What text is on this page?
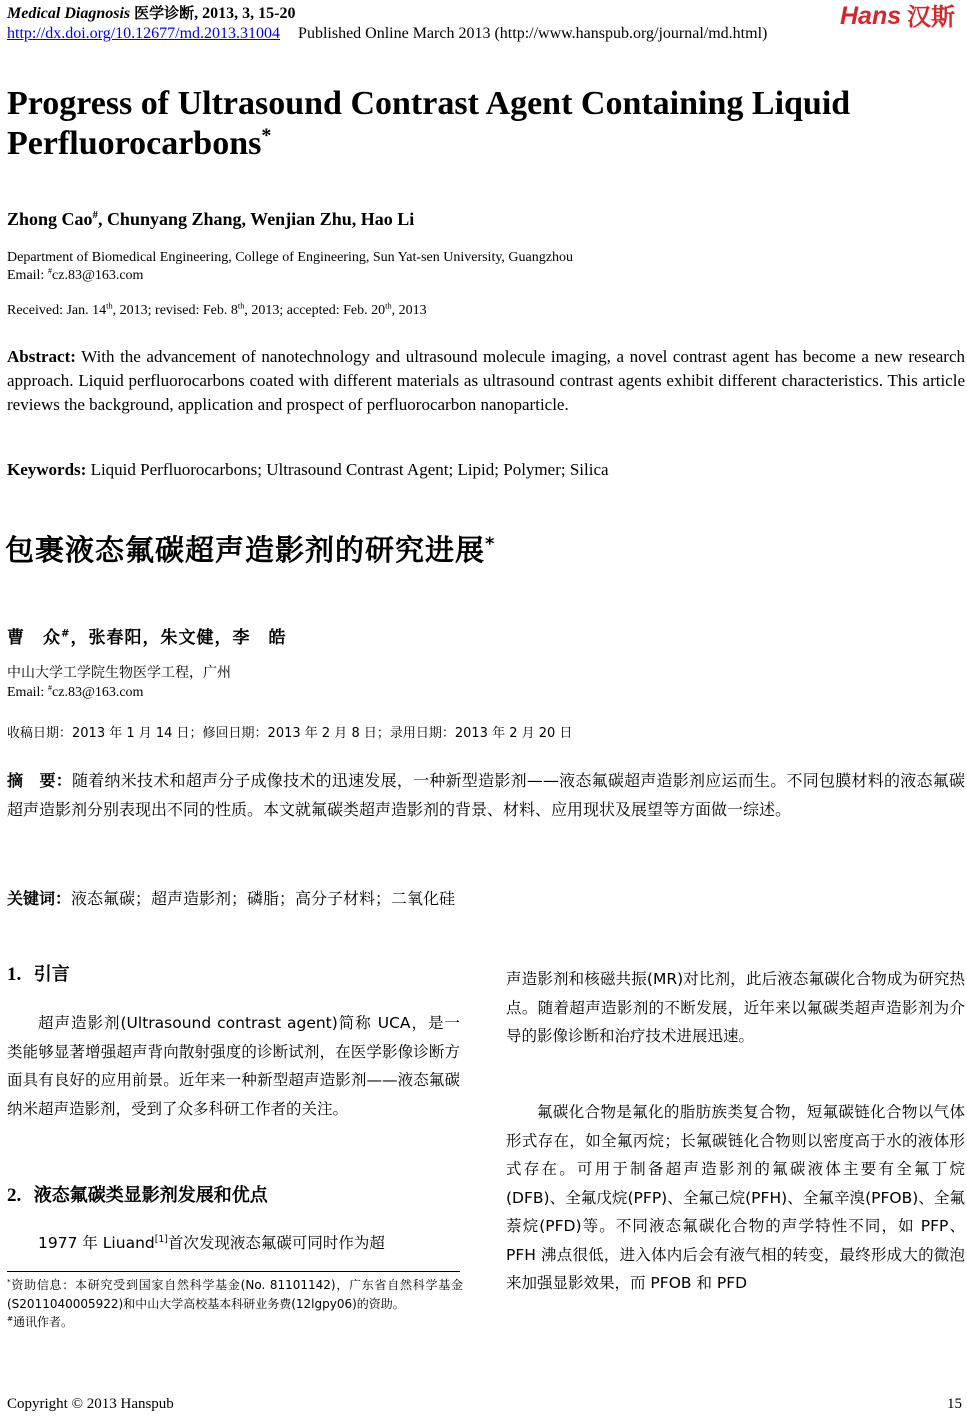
Medical Diagnosis 医学诊断, 2013, 3, 15-20
http://dx.doi.org/10.12677/md.2013.31004 Published Online March 2013 (http://www.hanspub.org/journal/md.html)
Hans 汉斯
Progress of Ultrasound Contrast Agent Containing Liquid Perfluorocarbons*
Zhong Cao#, Chunyang Zhang, Wenjian Zhu, Hao Li
Department of Biomedical Engineering, College of Engineering, Sun Yat-sen University, Guangzhou
Email: #cz.83@163.com
Received: Jan. 14th, 2013; revised: Feb. 8th, 2013; accepted: Feb. 20th, 2013
Abstract: With the advancement of nanotechnology and ultrasound molecule imaging, a novel contrast agent has become a new research approach. Liquid perfluorocarbons coated with different materials as ultrasound contrast agents exhibit different characteristics. This article reviews the background, application and prospect of perfluorocarbon nanoparticle.
Keywords: Liquid Perfluorocarbons; Ultrasound Contrast Agent; Lipid; Polymer; Silica
包裹液态氟碳超声造影剂的研究进展*
曹　众#，张春阳，朱文健，李　皓
中山大学工学院生物医学工程，广州
Email: #cz.83@163.com
收稿日期：2013 年 1 月 14 日；修回日期：2013 年 2 月 8 日；录用日期：2013 年 2 月 20 日
摘　要：随着纳米技术和超声分子成像技术的迅速发展，一种新型造影剂——液态氟碳超声造影剂应运而生。不同包膜材料的液态氟碳超声造影剂分别表现出不同的性质。本文就氟碳类超声造影剂的背景、材料、应用现状及展望等方面做一综述。
关键词：液态氟碳；超声造影剂；磷脂；高分子材料；二氧化硅
1. 引言
超声造影剂(Ultrasound contrast agent)简称 UCA，是一类能够显著增强超声背向散射强度的诊断试剂，在医学影像诊断方面具有良好的应用前景。近年来一种新型超声造影剂——液态氟碳纳米超声造影剂，受到了众多科研工作者的关注。
2. 液态氟碳类显影剂发展和优点
1977 年 Liuand[1]首次发现液态氟碳可同时作为超
*资助信息：本研究受到国家自然科学基金(No. 81101142)，广东省自然科学基金(S2011040005922)和中山大学高校基本科研业务费(12lgpy06)的资助。
#通讯作者。
声造影剂和核磁共振(MR)对比剂，此后液态氟碳化合物成为研究热点。随着超声造影剂的不断发展，近年来以氟碳类超声造影剂为介导的影像诊断和治疗技术进展迅速。
氟碳化合物是氟化的脂肪族类复合物，短氟碳链化合物以气体形式存在，如全氟丙烷；长氟碳链化合物则以密度高于水的液体形式存在。可用于制备超声造影剂的氟碳液体主要有全氟丁烷(DFB)、全氟戊烷(PFP)、全氟己烷(PFH)、全氟辛溴(PFOB)、全氟萘烷(PFD)等。不同液态氟碳化合物的声学特性不同，如 PFP、PFH 沸点很低，进入体内后会有液气相的转变，最终形成大的微泡来加强显影效果，而 PFOB 和 PFD
Copyright © 2013 Hanspub	15
